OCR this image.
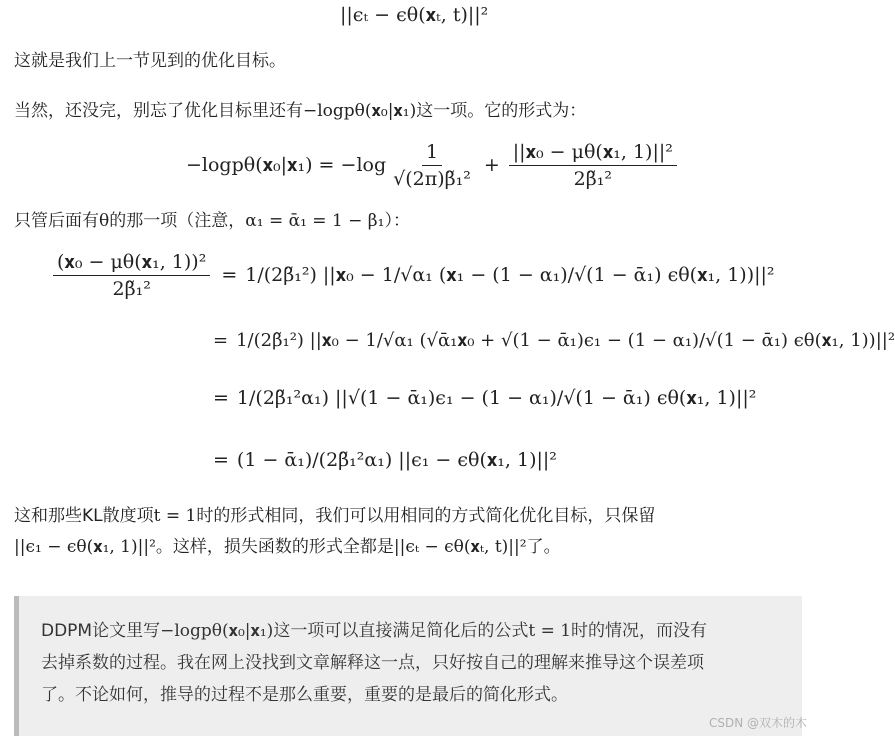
||ϵₜ − ϵθ(𝐱ₜ, t)||²
这就是我们上一节见到的优化目标。
当然，还没完，别忘了优化目标里还有−logpθ(𝐱₀|𝐱₁)这一项。它的形式为：
−logpθ(𝐱₀|𝐱₁) = $-\log \frac{1}{\text{√(2π)β̃₁²}} + \frac{\text{||𝐱₀ − μθ(𝐱₁, 1)||²}}{\text{2β̃₁²}}$
只管后面有θ的那一项（注意，α₁ = ᾱ₁ = 1 − β₁）：
$\frac{\text{(𝐱₀ − μθ(𝐱₁, 1))²}}{\text{2β̃₁²}}$ = 1/(2β̃₁²) ||𝐱₀ − 1/√α₁ (𝐱₁ − (1 − α₁)/√(1 − ᾱ₁) ϵθ(𝐱₁, 1))||²
= 1/(2β̃₁²) ||𝐱₀ − 1/√α₁ (√ᾱ₁𝐱₀ + √(1 − ᾱ₁)ϵ₁ − (1 − α₁)/√(1 − ᾱ₁) ϵθ(𝐱₁, 1))||²
= 1/(2β̃₁²α₁) ||√(1 − ᾱ₁)ϵ₁ − (1 − α₁)/√(1 − ᾱ₁) ϵθ(𝐱₁, 1)||²
= (1 − ᾱ₁)/(2β̃₁²α₁) ||ϵ₁ − ϵθ(𝐱₁, 1)||²
这和那些KL散度项t = 1时的形式相同，我们可以用相同的方式简化优化目标，只保留
||ϵ₁ − ϵθ(𝐱₁, 1)||²。这样，损失函数的形式全都是||ϵₜ − ϵθ(𝐱ₜ, t)||²了。
DDPM论文里写−logpθ(𝐱₀|𝐱₁)这一项可以直接满足简化后的公式t = 1时的情况，而没有
去掉系数的过程。我在网上没找到文章解释这一点，只好按自己的理解来推导这个误差项
了。不论如何，推导的过程不是那么重要，重要的是最后的简化形式。
CSDN @双木的木
